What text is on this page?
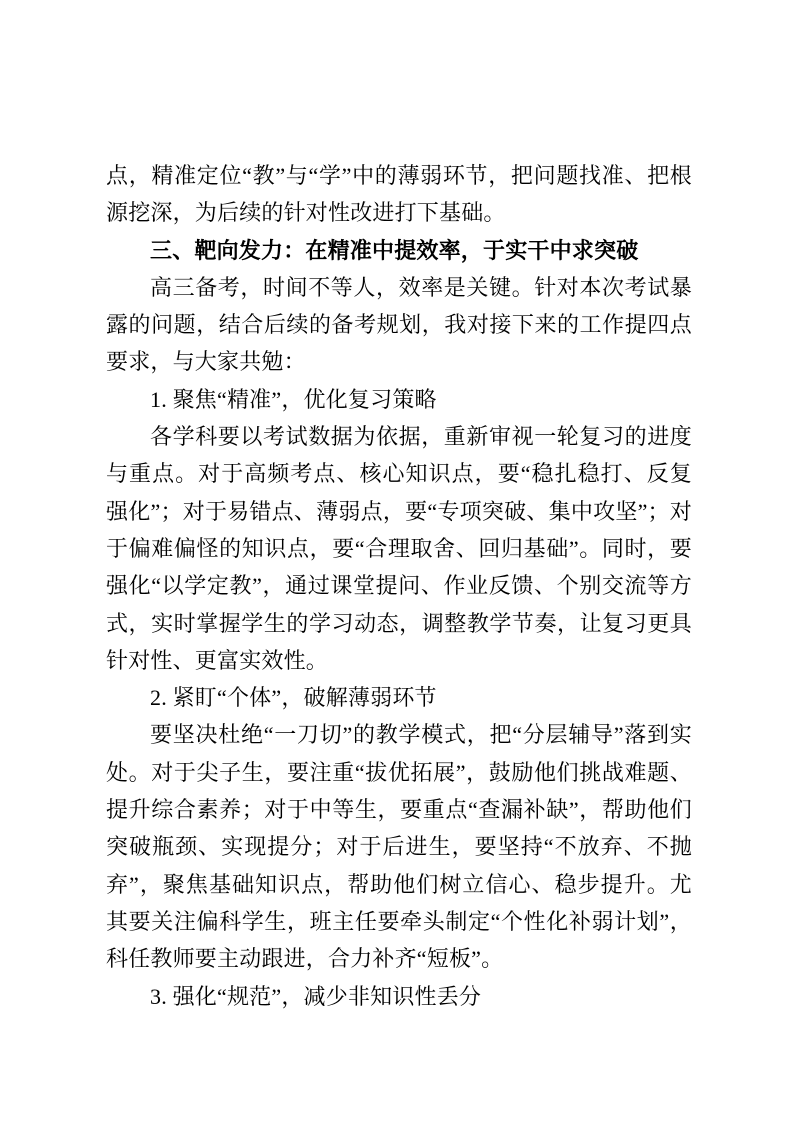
点，精准定位“教”与“学”中的薄弱环节，把问题找准、把根源挖深，为后续的针对性改进打下基础。

三、靶向发力：在精准中提效率，于实干中求突破

高三备考，时间不等人，效率是关键。针对本次考试暴露的问题，结合后续的备考规划，我对接下来的工作提四点要求，与大家共勉：

1. 聚焦“精准”，优化复习策略

各学科要以考试数据为依据，重新审视一轮复习的进度与重点。对于高频考点、核心知识点，要“稳扎稳打、反复强化”；对于易错点、薄弱点，要“专项突破、集中攻坚”；对于偏难偏怪的知识点，要“合理取舍、回归基础”。同时，要强化“以学定教”，通过课堂提问、作业反馈、个别交流等方式，实时掌握学生的学习动态，调整教学节奏，让复习更具针对性、更富实效性。

2. 紧盯“个体”，破解薄弱环节

要坚决杜绝“一刀切”的教学模式，把“分层辅导”落到实处。对于尖子生，要注重“拔优拓展”，鼓励他们挑战难题、提升综合素养；对于中等生，要重点“查漏补缺”，帮助他们突破瓶颈、实现提分；对于后进生，要坚持“不放弃、不抛弃”，聚焦基础知识点，帮助他们树立信心、稳步提升。尤其要关注偏科学生，班主任要牵头制定“个性化补弱计划”，科任教师要主动跟进，合力补齐“短板”。

3. 强化“规范”，减少非知识性丢分
